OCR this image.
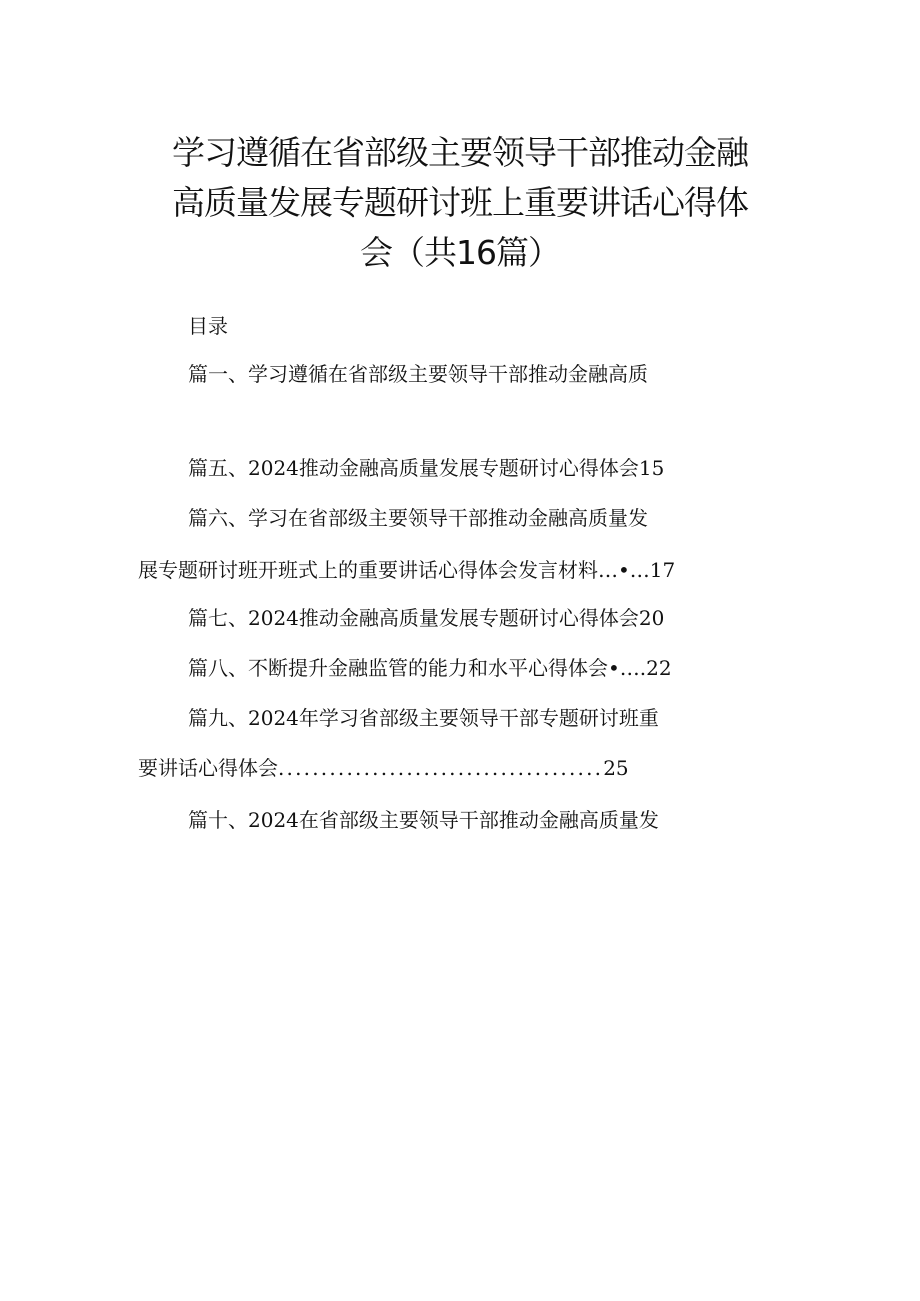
学习遵循在省部级主要领导干部推动金融
高质量发展专题研讨班上重要讲话心得体
会（共16篇）
目录
篇一、学习遵循在省部级主要领导干部推动金融高质
篇五、2024推动金融高质量发展专题研讨心得体会15
篇六、学习在省部级主要领导干部推动金融高质量发
展专题研讨班开班式上的重要讲话心得体会发言材料…•…17
篇七、2024推动金融高质量发展专题研讨心得体会20
篇八、不断提升金融监管的能力和水平心得体会•….22
篇九、2024年学习省部级主要领导干部专题研讨班重
要讲话心得体会......................................25
篇十、2024在省部级主要领导干部推动金融高质量发
